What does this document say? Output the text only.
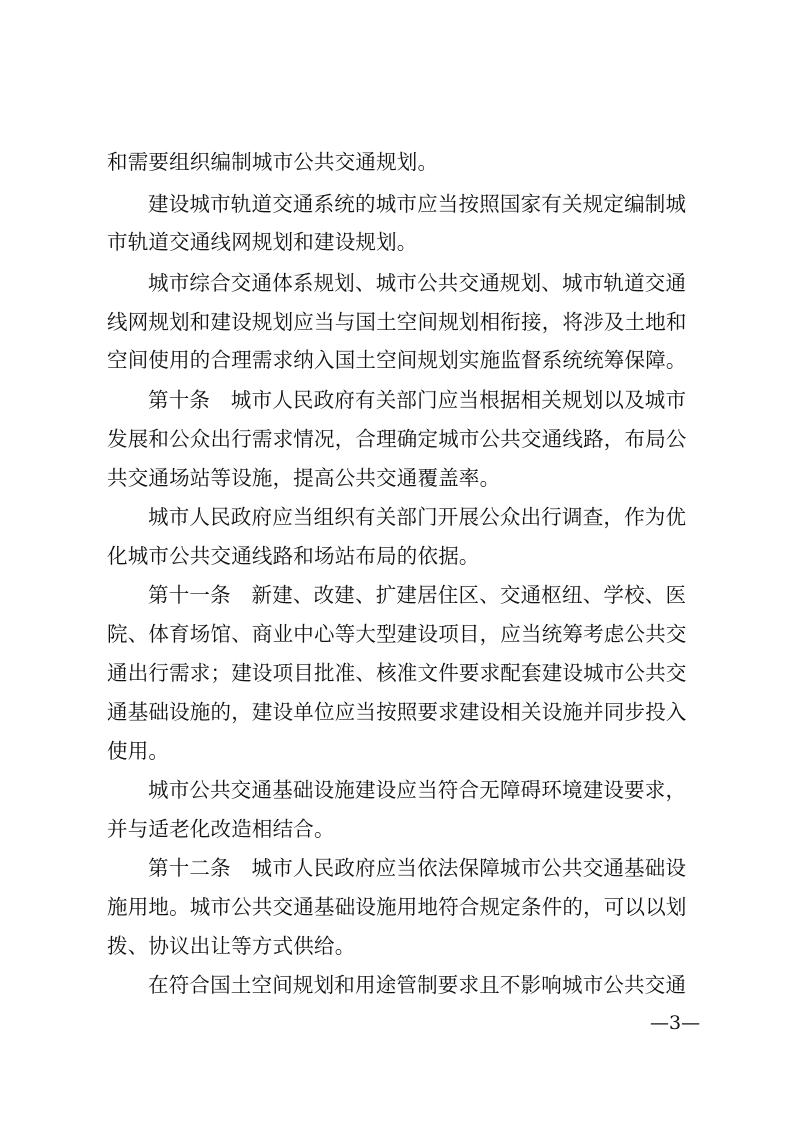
和需要组织编制城市公共交通规划。
建设城市轨道交通系统的城市应当按照国家有关规定编制城
市轨道交通线网规划和建设规划。
城市综合交通体系规划、城市公共交通规划、城市轨道交通
线网规划和建设规划应当与国土空间规划相衔接，将涉及土地和
空间使用的合理需求纳入国土空间规划实施监督系统统筹保障。
第十条　城市人民政府有关部门应当根据相关规划以及城市
发展和公众出行需求情况，合理确定城市公共交通线路，布局公
共交通场站等设施，提高公共交通覆盖率。
城市人民政府应当组织有关部门开展公众出行调查，作为优
化城市公共交通线路和场站布局的依据。
第十一条　新建、改建、扩建居住区、交通枢纽、学校、医
院、体育场馆、商业中心等大型建设项目，应当统筹考虑公共交
通出行需求；建设项目批准、核准文件要求配套建设城市公共交
通基础设施的，建设单位应当按照要求建设相关设施并同步投入
使用。
城市公共交通基础设施建设应当符合无障碍环境建设要求，
并与适老化改造相结合。
第十二条　城市人民政府应当依法保障城市公共交通基础设
施用地。城市公共交通基础设施用地符合规定条件的，可以以划
拨、协议出让等方式供给。
在符合国土空间规划和用途管制要求且不影响城市公共交通
—3—
